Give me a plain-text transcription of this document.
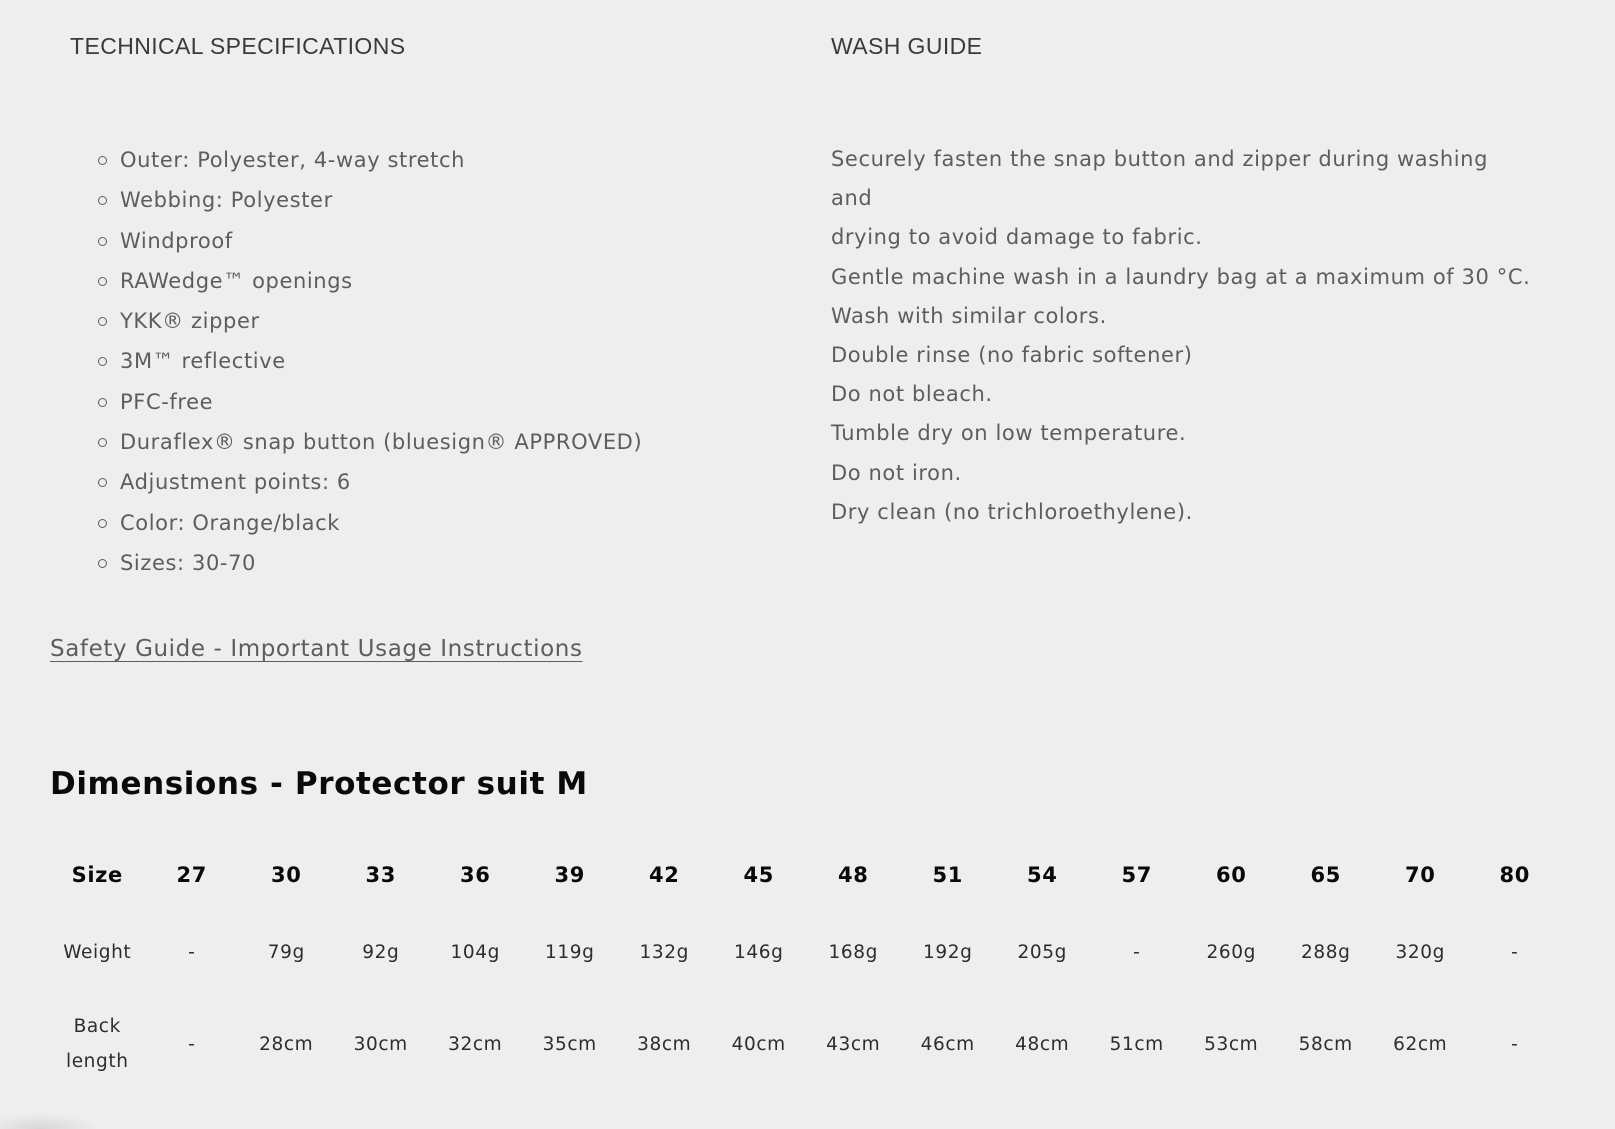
TECHNICAL SPECIFICATIONS
Outer: Polyester, 4-way stretch
Webbing: Polyester
Windproof
RAWedge™ openings
YKK® zipper
3M™ reflective
PFC-free
Duraflex® snap button (bluesign® APPROVED)
Adjustment points: 6
Color: Orange/black
Sizes: 30-70
WASH GUIDE

Securely fasten the snap button and zipper during washing and

drying to avoid damage to fabric.

Gentle machine wash in a laundry bag at a maximum of 30 °C.

Wash with similar colors.

Double rinse (no fabric softener)

Do not bleach.

Tumble dry on low temperature.

Do not iron.

Dry clean (no trichloroethylene).

Safety Guide - Important Usage Instructions
Dimensions - Protector suit M
Size	27	30	33	36	39	42	45	48	51	54	57	60	65	70	80
Weight	-	79g	92g	104g	119g	132g	146g	168g	192g	205g	-	260g	288g	320g	-
Back
length	-	28cm	30cm	32cm	35cm	38cm	40cm	43cm	46cm	48cm	51cm	53cm	58cm	62cm	-
